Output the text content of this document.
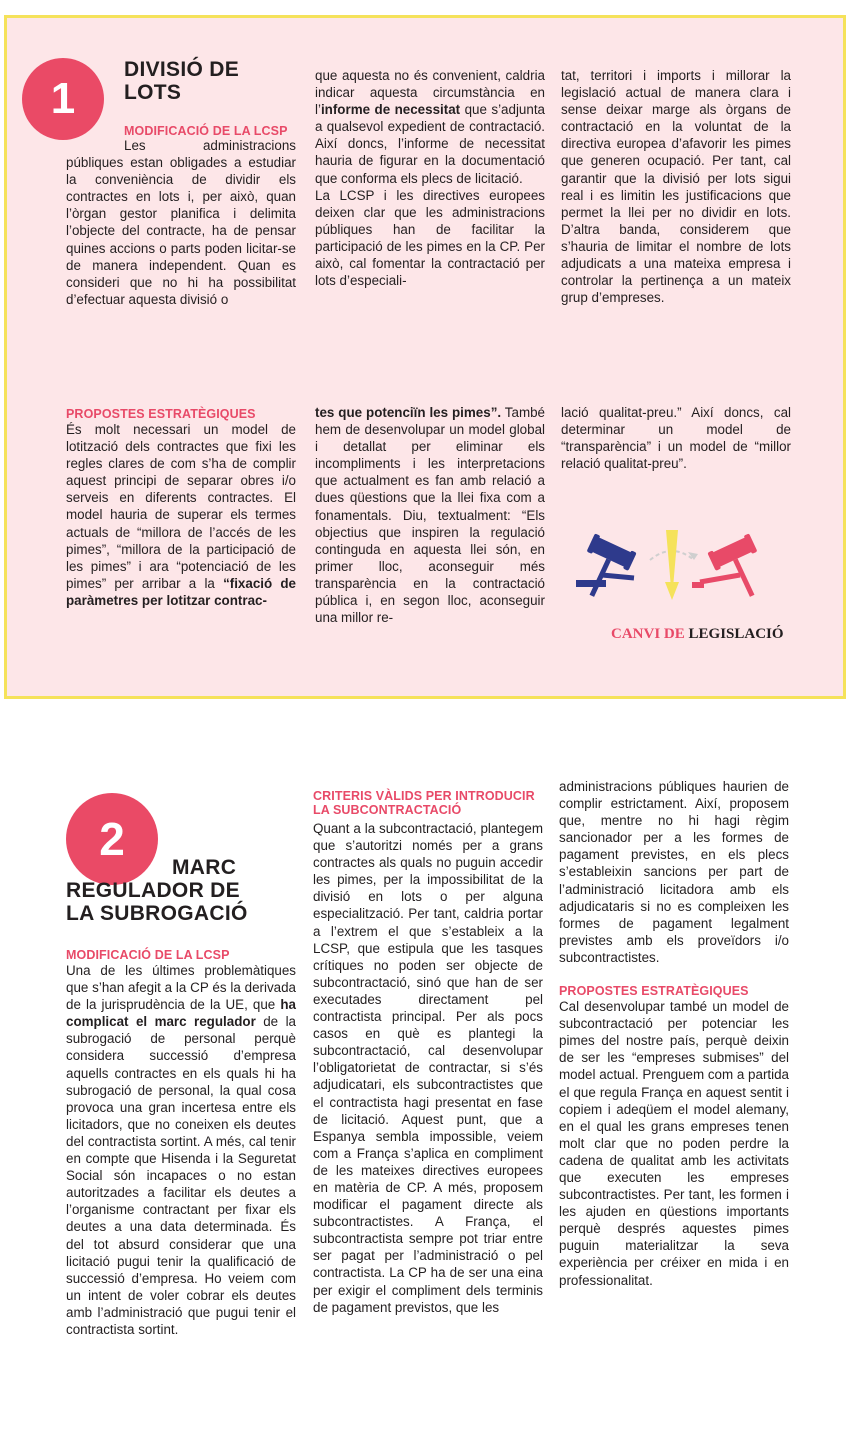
1
DIVISIÓ DE
LOTS
MODIFICACIÓ DE LA LCSP

Les administracions públiques estan obligades a estudiar la conveniència de dividir els contractes en lots i, per això, quan l’òrgan gestor planifica i delimita l’objecte del contracte, ha de pensar quines accions o parts poden licitar-se de manera independent. Quan es consideri que no hi ha possibilitat d’efectuar aquesta divisió o

que aquesta no és convenient, caldria indicar aquesta circumstància en l’informe de necessitat que s’adjunta a qualsevol expedient de contractació. Així doncs, l’informe de necessitat hauria de figurar en la documentació que conforma els plecs de licitació.

La LCSP i les directives europees deixen clar que les administracions públiques han de facilitar la participació de les pimes en la CP. Per això, cal fomentar la contractació per lots d’especiali-

tat, territori i imports i millorar la legislació actual de manera clara i sense deixar marge als òrgans de contractació en la voluntat de la directiva europea d’afavorir les pimes que generen ocupació. Per tant, cal garantir que la divisió per lots sigui real i es limitin les justificacions que permet la llei per no dividir en lots. D’altra banda, considerem que s’hauria de limitar el nombre de lots adjudicats a una mateixa empresa i controlar la pertinença a un mateix grup d’empreses.

PROPOSTES ESTRATÈGIQUES

És molt necessari un model de lotització dels contractes que fixi les regles clares de com s’ha de complir aquest principi de separar obres i/o serveis en diferents contractes. El model hauria de superar els termes actuals de “millora de l’accés de les pimes”, “millora de la participació de les pimes” i ara “potenciació de les pimes” per arribar a la “fixació de paràmetres per lotitzar contrac-

tes que potenciïn les pimes”. També hem de desenvolupar un model global i detallat per eliminar els incompliments i les interpretacions que actualment es fan amb relació a dues qüestions que la llei fixa com a fonamentals. Diu, textualment: “Els objectius que inspiren la regulació continguda en aquesta llei són, en primer lloc, aconseguir més transparència en la contractació pública i, en segon lloc, aconseguir una millor re-

lació qualitat-preu.” Així doncs, cal determinar un model de “transparència” i un model de “millor relació qualitat-preu”.

CANVI DE LEGISLACIÓ
2
MARC
REGULADOR DE
LA SUBROGACIÓ
MODIFICACIÓ DE LA LCSP

Una de les últimes problemàtiques que s’han afegit a la CP és la derivada de la jurisprudència de la UE, que ha complicat el marc regulador de la subrogació de personal perquè considera successió d’empresa aquells contractes en els quals hi ha subrogació de personal, la qual cosa provoca una gran incertesa entre els licitadors, que no coneixen els deutes del contractista sortint. A més, cal tenir en compte que Hisenda i la Seguretat Social són incapaces o no estan autoritzades a facilitar els deutes a l’organisme contractant per fixar els deutes a una data determinada. És del tot absurd considerar que una licitació pugui tenir la qualificació de successió d’empresa. Ho veiem com un intent de voler cobrar els deutes amb l’administració que pugui tenir el contractista sortint.

CRITERIS VÀLIDS PER INTRODUCIR
LA SUBCONTRACTACIÓ

Quant a la subcontractació, plantegem que s’autoritzi només per a grans contractes als quals no puguin accedir les pimes, per la impossibilitat de la divisió en lots o per alguna especialització. Per tant, caldria portar a l’extrem el que s’estableix a la LCSP, que estipula que les tasques crítiques no poden ser objecte de subcontractació, sinó que han de ser executades directament pel contractista principal. Per als pocs casos en què es plantegi la subcontractació, cal desenvolupar l’obligatorietat de contractar, si s’és adjudicatari, els subcontractistes que el contractista hagi presentat en fase de licitació. Aquest punt, que a Espanya sembla impossible, veiem com a França s’aplica en compliment de les mateixes directives europees en matèria de CP. A més, proposem modificar el pagament directe als subcontractistes. A França, el subcontractista sempre pot triar entre ser pagat per l’administració o pel contractista. La CP ha de ser una eina per exigir el compliment dels terminis de pagament previstos, que les

administracions públiques haurien de complir estrictament. Així, proposem que, mentre no hi hagi règim sancionador per a les formes de pagament previstes, en els plecs s’estableixin sancions per part de l’administració licitadora amb els adjudicataris si no es compleixen les formes de pagament legalment previstes amb els proveïdors i/o subcontractistes.

PROPOSTES ESTRATÈGIQUES

Cal desenvolupar també un model de subcontractació per potenciar les pimes del nostre país, perquè deixin de ser les “empreses submises” del model actual. Prenguem com a partida el que regula França en aquest sentit i copiem i adeqüem el model alemany, en el qual les grans empreses tenen molt clar que no poden perdre la cadena de qualitat amb les activitats que executen les empreses subcontractistes. Per tant, les formen i les ajuden en qüestions importants perquè després aquestes pimes puguin materialitzar la seva experiència per créixer en mida i en professionalitat.
